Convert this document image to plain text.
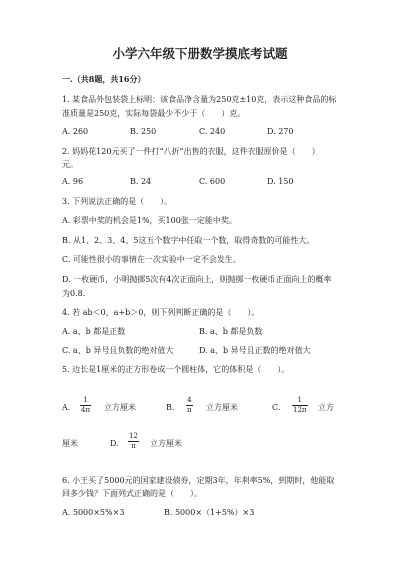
小学六年级下册数学摸底考试题
一.（共8题，共16分）
1. 某食品外包装袋上标明：该食品净含量为250克±10克，表示这种食品的标
准质量是250克，实际每袋最少不少于（　　）克。
A. 260	B. 250	C. 240	D. 270
2. 妈妈花120元买了一件打“八折”出售的衣服，这件衣服原价是（　　）
元。
A. 96	B. 24	C. 600	D. 150
3. 下列说法正确的是（　　）。
A. 彩票中奖的机会是1%，买100张一定能中奖。
B. 从1、2、3、4、5这五个数字中任取一个数，取得奇数的可能性大。
C. 可能性很小的事情在一次实验中一定不会发生。
D. 一枚硬币，小明抛掷5次有4次正面向上，则抛掷一枚硬币正面向上的概率
为0.8.
4. 若 ab＜0，a+b＞0，则下列判断正确的是（　　）。
A. a、b 都是正数	B. a、b 都是负数
C. a、b 异号且负数的绝对值大	D. a、b 异号且正数的绝对值大
5. 边长是1厘米的正方形卷成一个圆柱体，它的体积是（　　）。
A.
1
4π 立方厘米	B.
4
π 立方厘米	C.
1
12π 立方
厘米	D.
12
π 立方厘米
6. 小王买了5000元的国家建设债券，定期3年，年利率5%，到期时，他能取
回多少钱？下面列式正确的是（　　）。
A. 5000×5%×3	B. 5000×（1+5%）×3
